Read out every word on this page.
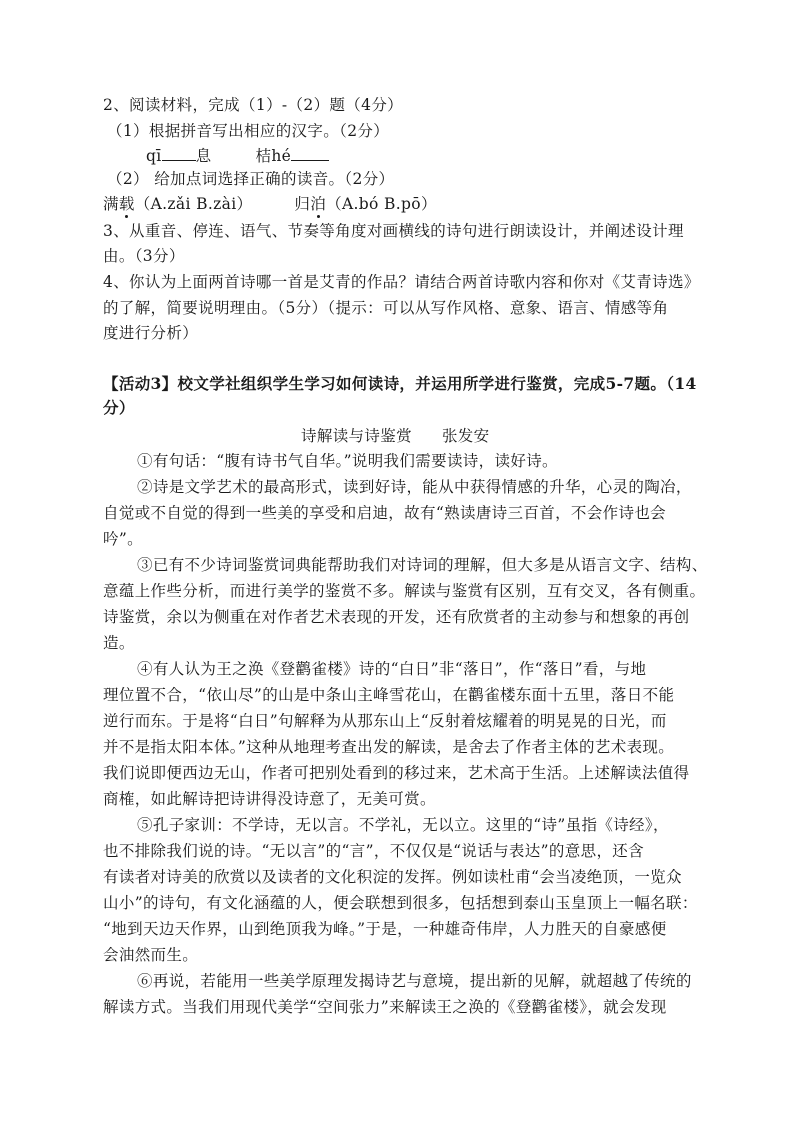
2、阅读材料，完成（1）-（2）题（4分）
（1）根据拼音写出相应的汉字。（2分）
qī 息	桔hé
（2） 给加点词选择正确的读音。（2分）
满载（A.zǎi B.zài）	归泊（A.bó B.pō）
3、从重音、停连、语气、节奏等角度对画横线的诗句进行朗读设计，并阐述设计理
由。（3分）
4、你认为上面两首诗哪一首是艾青的作品？请结合两首诗歌内容和你对《艾青诗选》
的了解，简要说明理由。（5分）（提示：可以从写作风格、意象、语言、情感等角
度进行分析）
【活动3】校文学社组织学生学习如何读诗，并运用所学进行鉴赏，完成5-7题。（14
分）
诗解读与诗鉴赏 张发安
①有句话：“腹有诗书气自华。”说明我们需要读诗，读好诗。
②诗是文学艺术的最高形式，读到好诗，能从中获得情感的升华，心灵的陶冶，
自觉或不自觉的得到一些美的享受和启迪，故有“熟读唐诗三百首，不会作诗也会
吟”。
③已有不少诗词鉴赏词典能帮助我们对诗词的理解，但大多是从语言文字、结构、
意蕴上作些分析，而进行美学的鉴赏不多。解读与鉴赏有区别，互有交叉，各有侧重。
诗鉴赏，余以为侧重在对作者艺术表现的开发，还有欣赏者的主动参与和想象的再创
造。
④有人认为王之涣《登鹳雀楼》诗的“白日”非“落日”，作“落日”看，与地
理位置不合，“依山尽”的山是中条山主峰雪花山，在鹳雀楼东面十五里，落日不能
逆行而东。于是将“白日”句解释为从那东山上“反射着炫耀着的明晃晃的日光，而
并不是指太阳本体。”这种从地理考查出发的解读，是舍去了作者主体的艺术表现。
我们说即便西边无山，作者可把别处看到的移过来，艺术高于生活。上述解读法值得
商榷，如此解诗把诗讲得没诗意了，无美可赏。
⑤孔子家训：不学诗，无以言。不学礼，无以立。这里的“诗”虽指《诗经》，
也不排除我们说的诗。“无以言”的“言”，不仅仅是“说话与表达”的意思，还含
有读者对诗美的欣赏以及读者的文化积淀的发挥。例如读杜甫“会当凌绝顶，一览众
山小”的诗句，有文化涵蕴的人，便会联想到很多，包括想到泰山玉皇顶上一幅名联：
“地到天边天作界，山到绝顶我为峰。”于是，一种雄奇伟岸，人力胜天的自豪感便
会油然而生。
⑥再说，若能用一些美学原理发揭诗艺与意境，提出新的见解，就超越了传统的
解读方式。当我们用现代美学“空间张力”来解读王之涣的《登鹳雀楼》，就会发现
